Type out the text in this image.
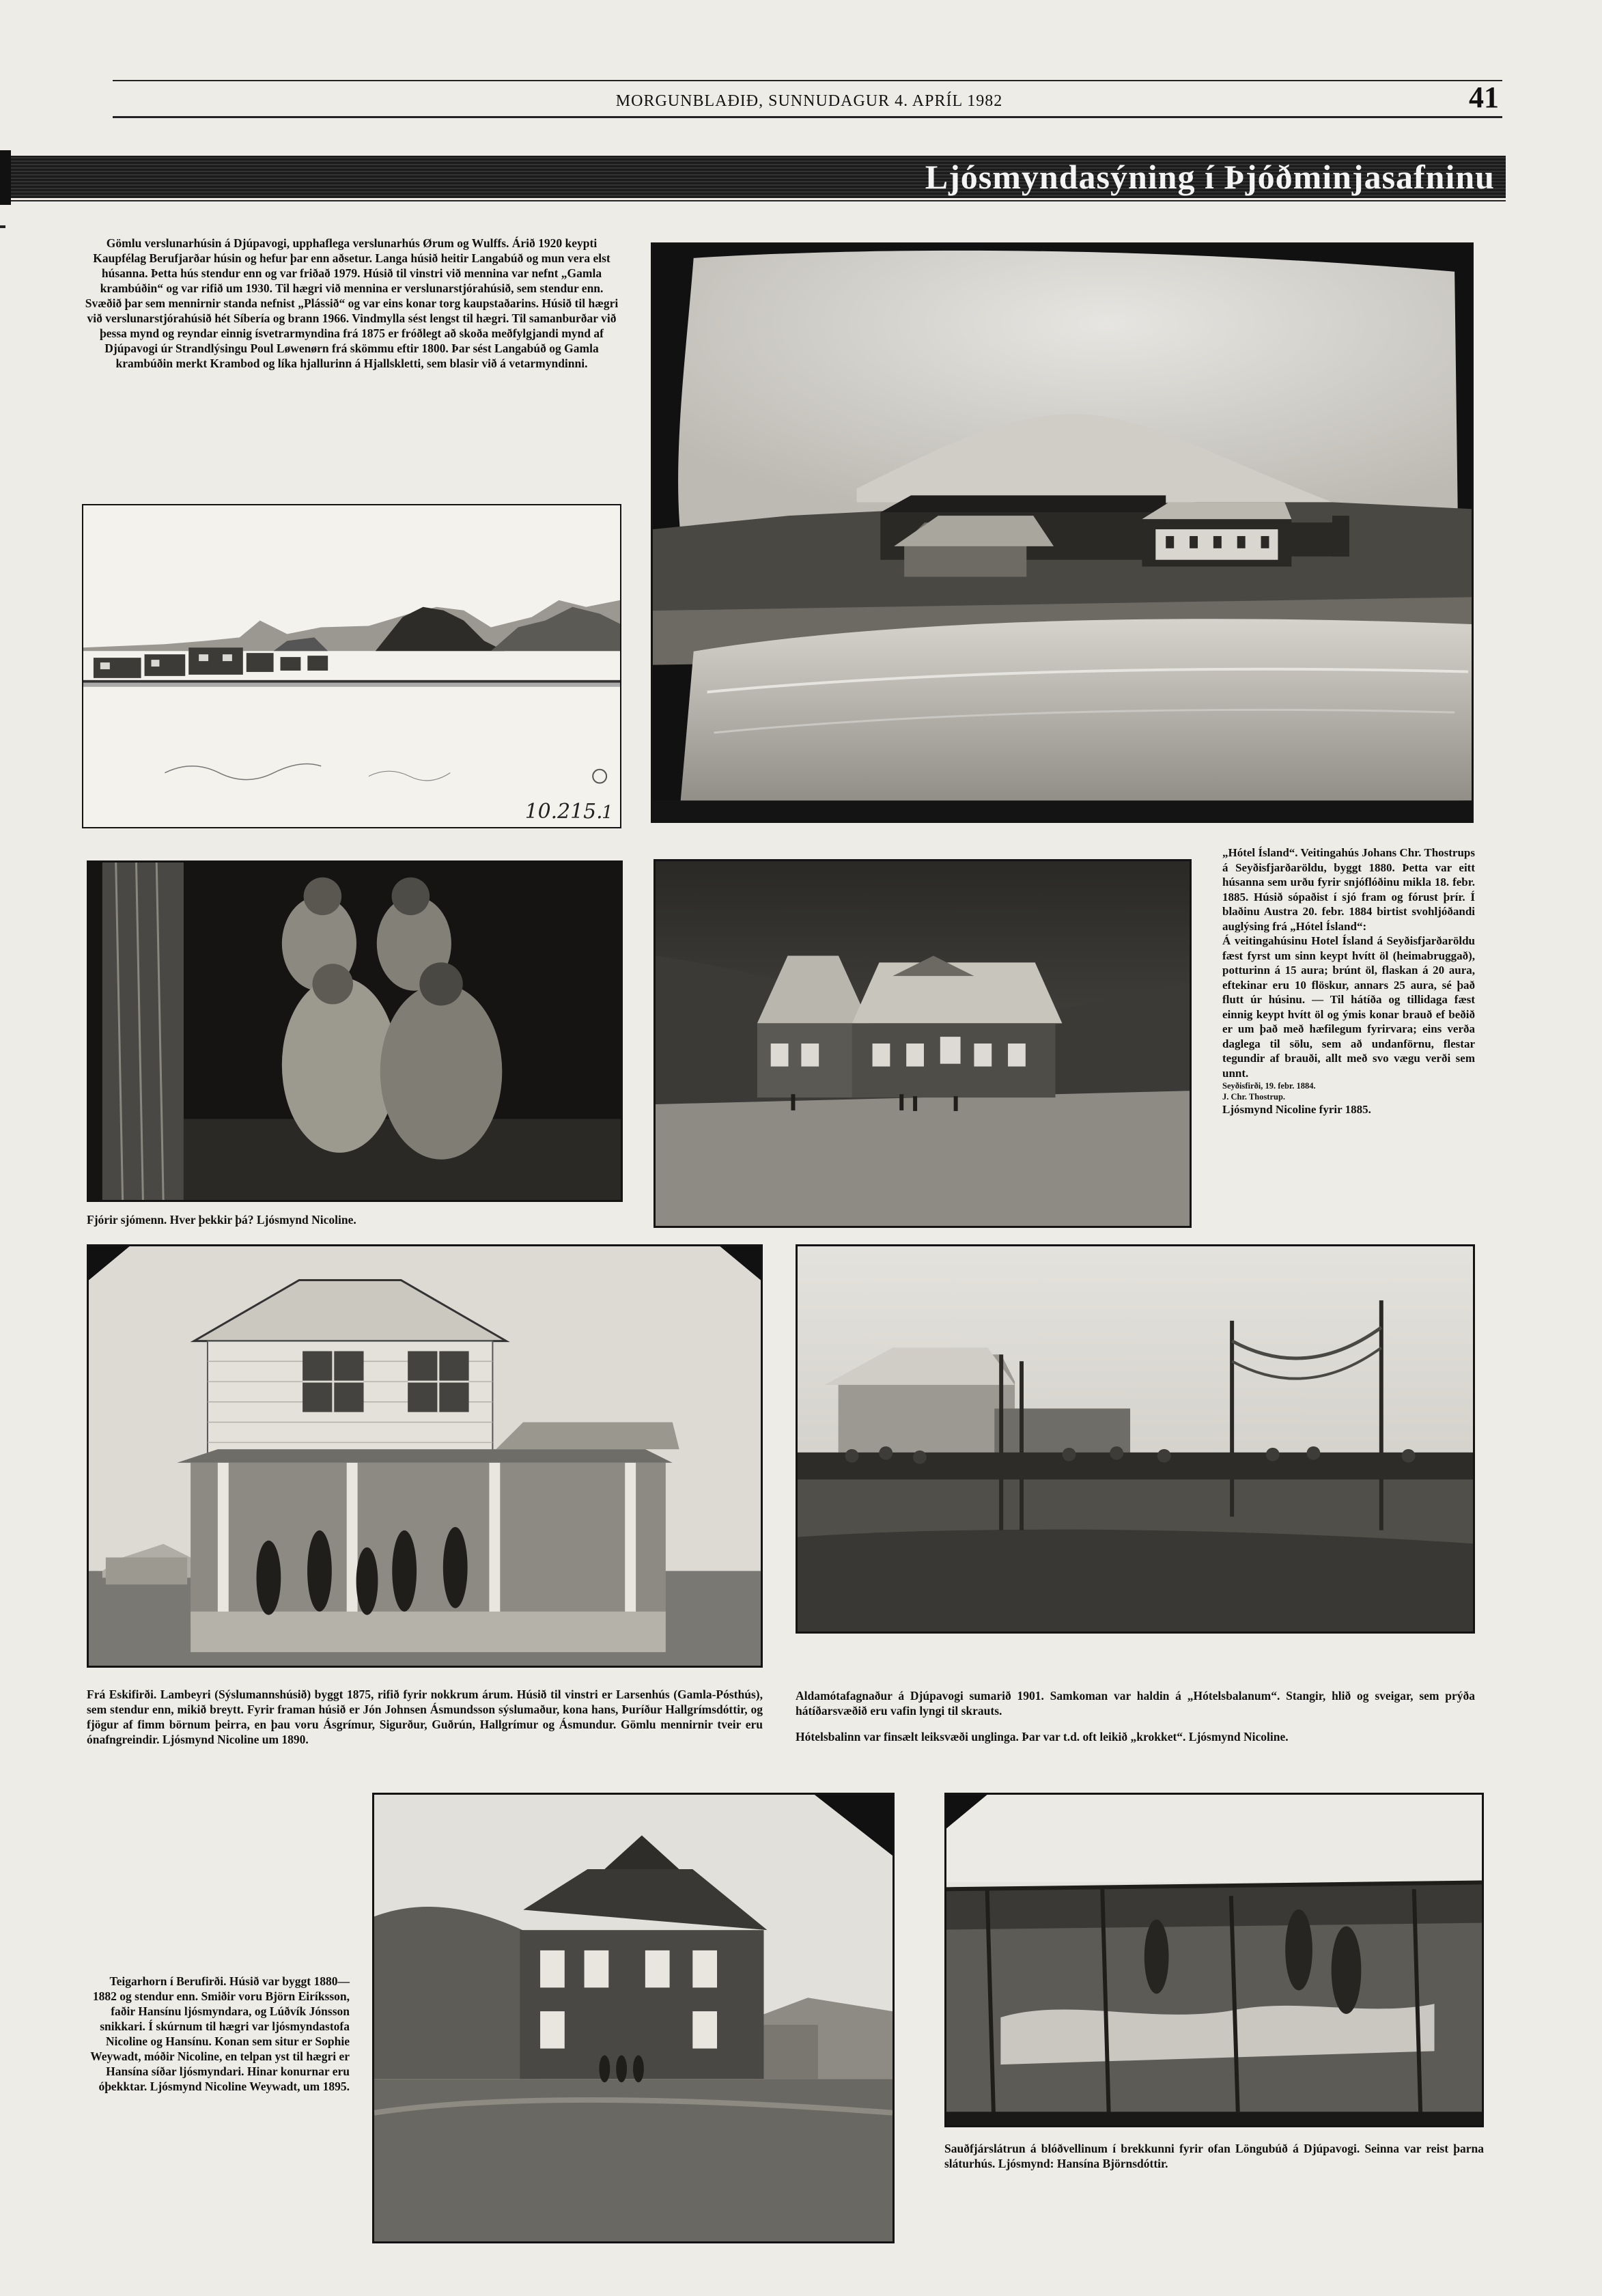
MORGUNBLAÐIÐ, SUNNUDAGUR 4. APRÍL 1982	41
Ljósmyndasýning í Þjóðminjasafninu
Gömlu verslunarhúsin á Djúpavogi, upphaflega verslunarhús Ørum og Wulffs. Árið 1920 keypti Kaupfélag Berufjarðar húsin og hefur þar enn aðsetur. Langa húsið heitir Langabúð og mun vera elst húsanna. Þetta hús stendur enn og var friðað 1979. Húsið til vinstri við mennina var nefnt „Gamla krambúðin“ og var rifið um 1930. Til hægri við mennina er verslunarstjórahúsið, sem stendur enn. Svæðið þar sem mennirnir standa nefnist „Plássið“ og var eins konar torg kaupstaðarins. Húsið til hægri við verslunarstjórahúsið hét Síbería og brann 1966. Vindmylla sést lengst til hægri. Til samanburðar við þessa mynd og reyndar einnig ísvetrarmyndina frá 1875 er fróðlegt að skoða meðfylgjandi mynd af Djúpavogi úr Strandlýsingu Poul Løwenørn frá skömmu eftir 1800. Þar sést Langabúð og Gamla krambúðin merkt Krambod og líka hjallurinn á Hjallskletti, sem blasir við á vetarmyndinni.
10.215.
1
Fjórir sjómenn. Hver þekkir þá? Ljósmynd Nicoline.
„Hótel Ísland“. Veitingahús Johans Chr. Thostrups á Seyðisfjarðaröldu, byggt 1880. Þetta var eitt húsanna sem urðu fyrir snjóflóðinu mikla 18. febr. 1885. Húsið sópaðist í sjó fram og fórust þrír. Í blaðinu Austra 20. febr. 1884 birtist svohljóðandi auglýsing frá „Hótel Ísland“:
Á veitingahúsinu Hotel Ísland á Seyðisfjarðaröldu fæst fyrst um sinn keypt hvítt öl (heimabruggað), potturinn á 15 aura; brúnt öl, flaskan á 20 aura, eftekinar eru 10 flöskur, annars 25 aura, sé það flutt úr húsinu. — Til hátíða og tillidaga fæst einnig keypt hvítt öl og ýmis konar brauð ef beðið er um það með hæfilegum fyrirvara; eins verða daglega til sölu, sem að undanförnu, flestar tegundir af brauði, allt með svo vægu verði sem unnt.
Seyðisfirði, 19. febr. 1884.
J. Chr. Thostrup.
Ljósmynd Nicoline fyrir 1885.
Frá Eskifirði. Lambeyri (Sýslumannshúsið) byggt 1875, rifið fyrir nokkrum árum. Húsið til vinstri er Larsenhús (Gamla-Pósthús), sem stendur enn, mikið breytt. Fyrir framan húsið er Jón Johnsen Ásmundsson sýslumaður, kona hans, Þuríður Hallgrímsdóttir, og fjögur af fimm börnum þeirra, en þau voru Ásgrímur, Sigurður, Guðrún, Hallgrímur og Ásmundur. Gömlu mennirnir tveir eru ónafngreindir. Ljósmynd Nicoline um 1890.
Aldamótafagnaður á Djúpavogi sumarið 1901. Samkoman var haldin á „Hótelsbalanum“. Stangir, hlið og sveigar, sem prýða hátíðarsvæðið eru vafin lyngi til skrauts.
Hótelsbalinn var finsælt leiksvæði unglinga. Þar var t.d. oft leikið „krokket“. Ljósmynd Nicoline.
Teigarhorn í Berufirði. Húsið var byggt 1880—1882 og stendur enn. Smiðir voru Björn Eiríksson, faðir Hansínu ljósmyndara, og Lúðvík Jónsson snikkari. Í skúrnum til hægri var ljósmyndastofa Nicoline og Hansínu. Konan sem situr er Sophie Weywadt, móðir Nicoline, en telpan yst til hægri er Hansína síðar ljósmyndari. Hinar konurnar eru óþekktar. Ljósmynd Nicoline Weywadt, um 1895.
Sauðfjárslátrun á blóðvellinum í brekkunni fyrir ofan Löngubúð á Djúpavogi. Seinna var reist þarna sláturhús. Ljósmynd: Hansína Björnsdóttir.
